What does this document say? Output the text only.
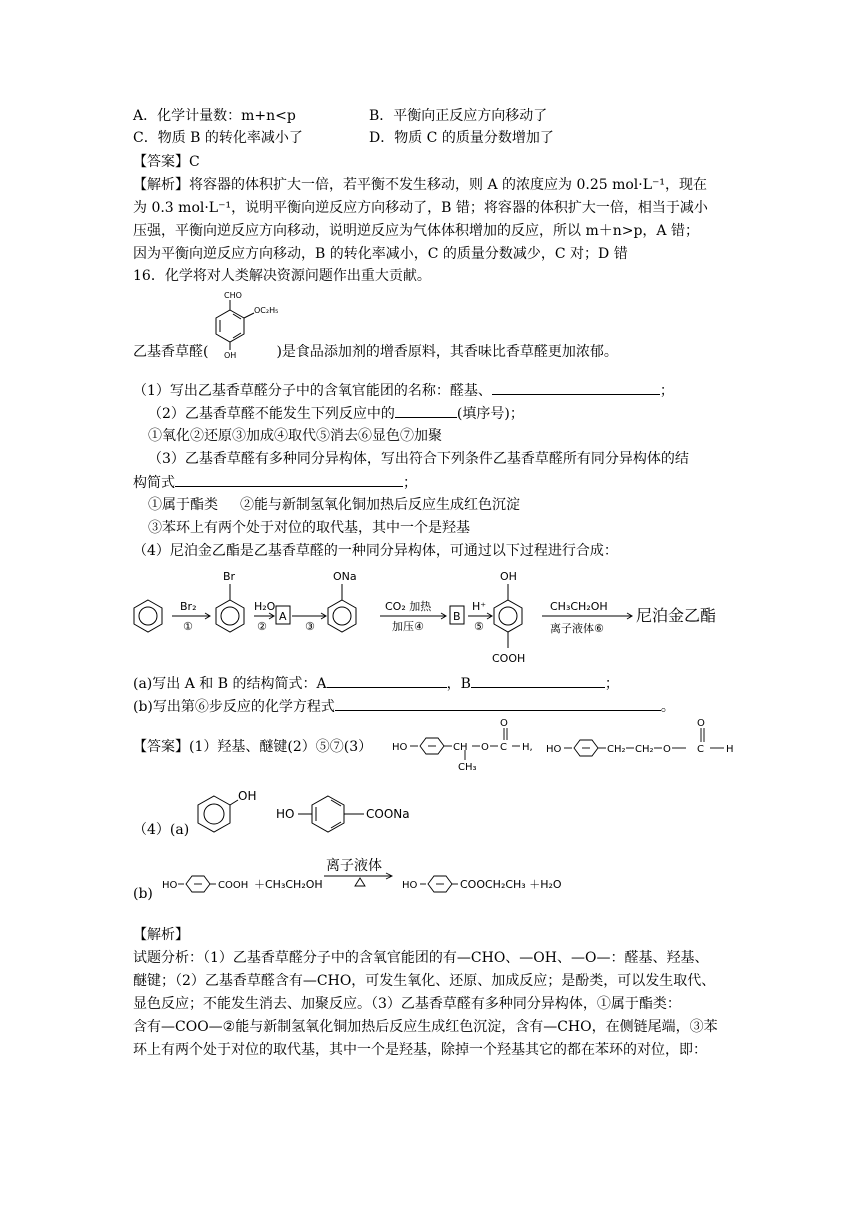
A．化学计量数：m+n<p	B．平衡向正反应方向移动了
C．物质 B 的转化率减小了	D．物质 C 的质量分数增加了
【答案】C
【解析】将容器的体积扩大一倍，若平衡不发生移动，则 A 的浓度应为 0.25 mol·L⁻¹，现在
为 0.3 mol·L⁻¹，说明平衡向逆反应方向移动了，B 错；将容器的体积扩大一倍，相当于减小
压强，平衡向逆反应方向移动，说明逆反应为气体体积增加的反应，所以 m＋n>p，A 错；
因为平衡向逆反应方向移动，B 的转化率减小，C 的质量分数减少，C 对；D 错
16．化学将对人类解决资源问题作出重大贡献。
CHO
OC₂H₅
OH
乙基香草醛(	)是食品添加剂的增香原料，其香味比香草醛更加浓郁。
（1）写出乙基香草醛分子中的含氧官能团的名称：醛基、	；
（2）乙基香草醛不能发生下列反应中的	(填序号)；
①氧化②还原③加成④取代⑤消去⑥显色⑦加聚
（3）乙基香草醛有多种同分异构体，写出符合下列条件乙基香草醛所有同分异构体的结
构简式	；
①属于酯类 ②能与新制氢氧化铜加热后反应生成红色沉淀
③苯环上有两个处于对位的取代基，其中一个是羟基
（4）尼泊金乙酯是乙基香草醛的一种同分异构体，可通过以下过程进行合成：
Br
Br₂
①
H₂O
②
A
③
ONa
CO₂ 加热
加压④
B
H⁺
⑤
OH
COOH
CH₃CH₂OH
离子液体⑥
尼泊金乙酯
(a)写出 A 和 B 的结构简式：A	，B	；
(b)写出第⑥步反应的化学方程式	。
【答案】(1）羟基、醚键(2）⑤⑦(3） HO	CH O C
O
H,
CH₃
HO	CH₂ CH₂ O	C
O
H
（4）(a)
OH
HO	COONa
(b)
HO	COOH ＋CH₃CH₂OH
离子液体
HO	COOCH₂CH₃ ＋H₂O
【解析】
试题分析：（1）乙基香草醛分子中的含氧官能团的有—CHO、—OH、—O—：醛基、羟基、
醚键；（2）乙基香草醛含有—CHO，可发生氧化、还原、加成反应；是酚类，可以发生取代、
显色反应；不能发生消去、加聚反应。（3）乙基香草醛有多种同分异构体，①属于酯类：
含有—COO—②能与新制氢氧化铜加热后反应生成红色沉淀，含有—CHO，在侧链尾端，③苯
环上有两个处于对位的取代基，其中一个是羟基，除掉一个羟基其它的都在苯环的对位，即：
